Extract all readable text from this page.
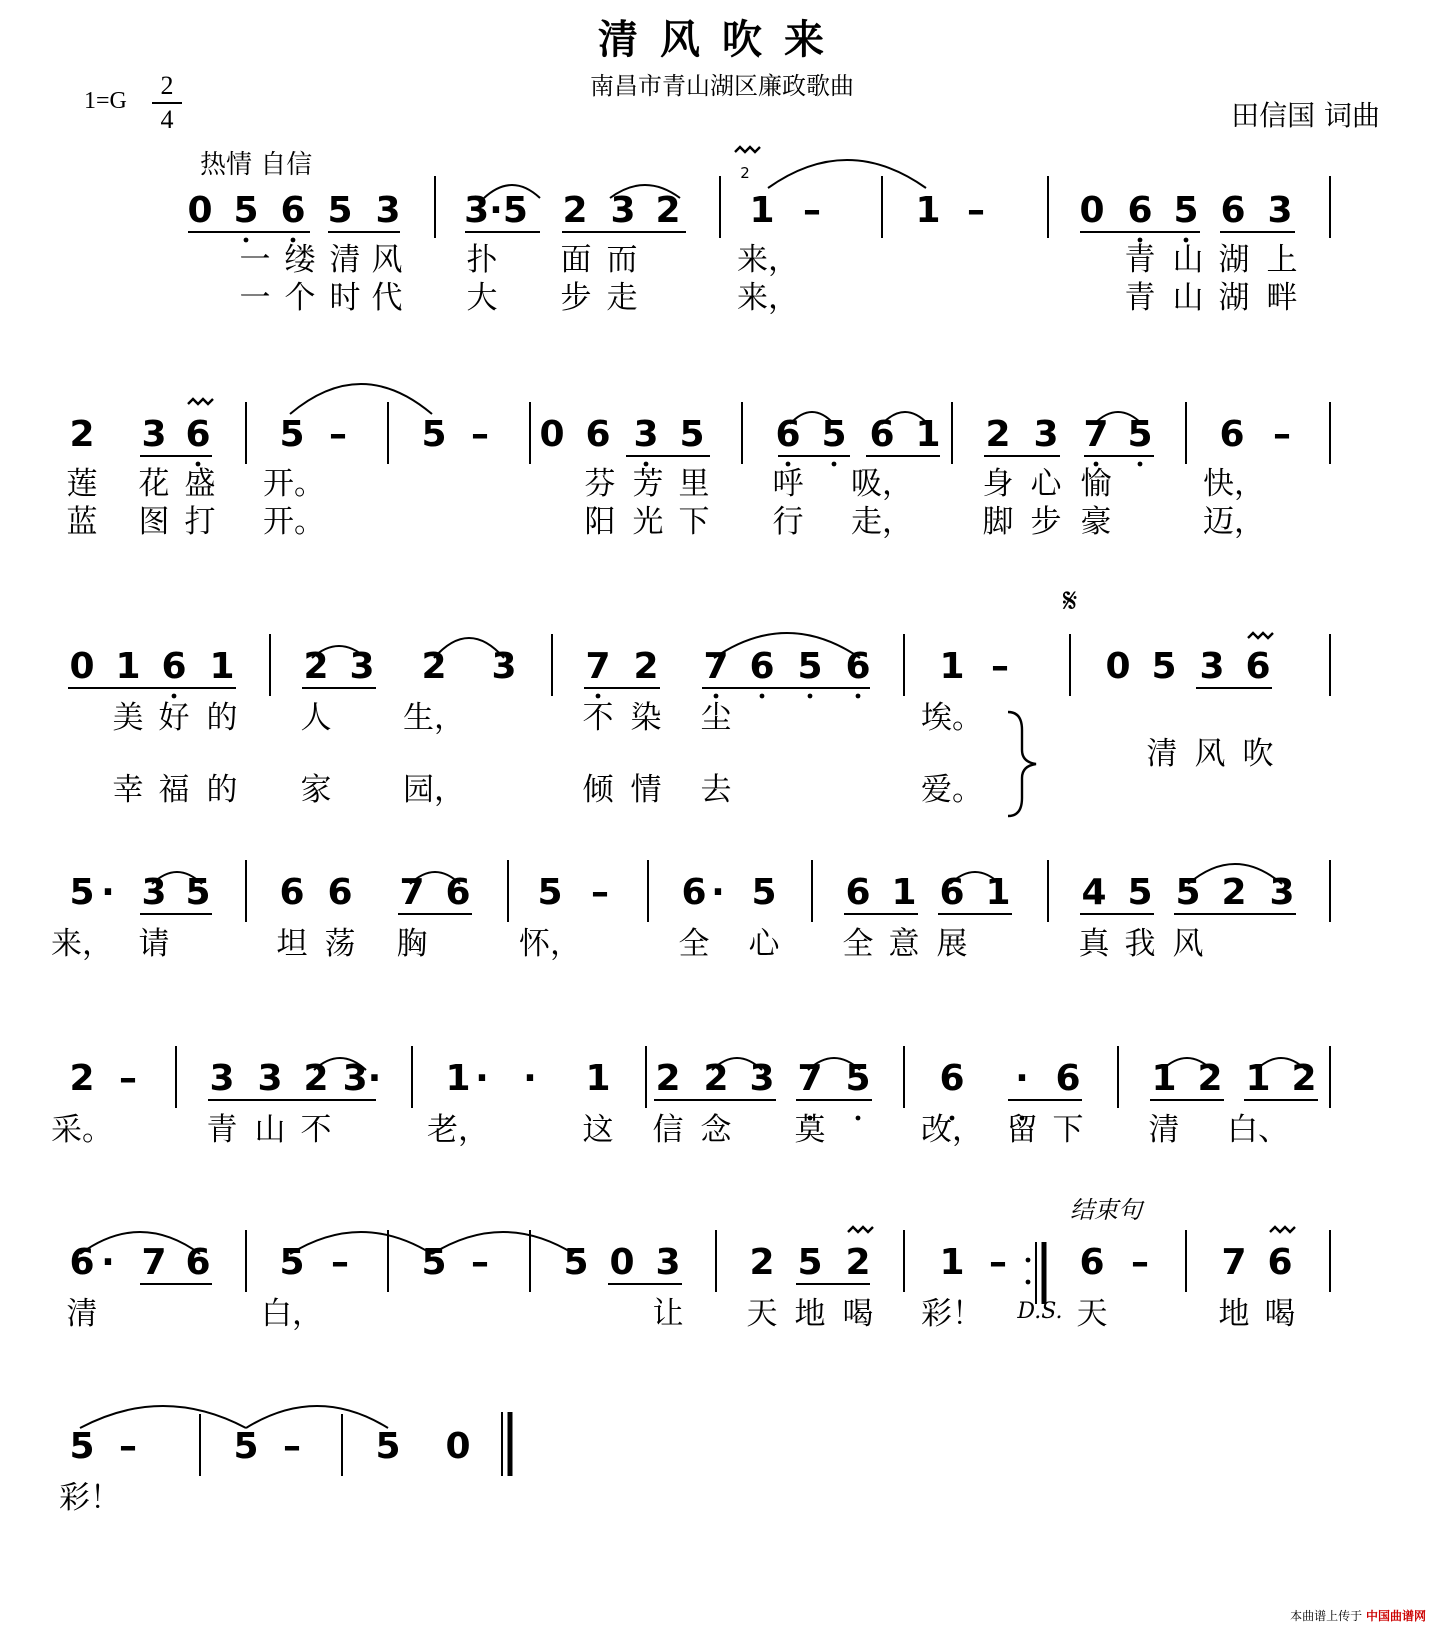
清风吹来
南昌市青山湖区廉政歌曲
1=G
2
4	田信国 词曲
热情 自信
0 5 6 5 3 3·5 2 3 2 1 –	1 –	0 6 5 6 3
2
一 缕 清 风 扑 面 而	来，	青 山 湖 上
一 个 时 代 大 步 走	来，	青 山 湖 畔
2 3 6 5 – 5 – 0 6 3 5 6 5 6 1 2 3 7 5 6 –
莲 花 盛 开。	芬 芳 里 呼 吸， 身 心 愉	快，
蓝 图 打 开。	阳 光 下 行 走， 脚 步 豪	迈，
0 1 6 1 2 3 2 3 7 2 7 6 5 6 1 –	0 5 3 6
美 好 的 人 生，	不 染 尘	埃。
幸 福 的 家 园，	倾 情 去	爱。
清 风 吹
𝄋
5 · 3 5 6 6 7 6 5 – 6 · 5 6 1 6 1 4 5 5 2 3
来， 请	坦 荡 胸	怀，	全 心 全 意 展	真 我 风
2 – 3 3 2 3· 1 · · 1 2 2 3 7 5 6 · 6 1 2 1 2
采。	青 山 不	老，	这 信 念 莫	改， 留 下 清 白、
6 · 7 6 5 – 5 – 5 0 3 2 5 2 1 – 6 – 7 6
结束句
D.S.
清	白，	让 天 地 喝 彩！	天	地 喝
5 –	5 – 5 0
彩！
本曲谱上传于 中国曲谱网
